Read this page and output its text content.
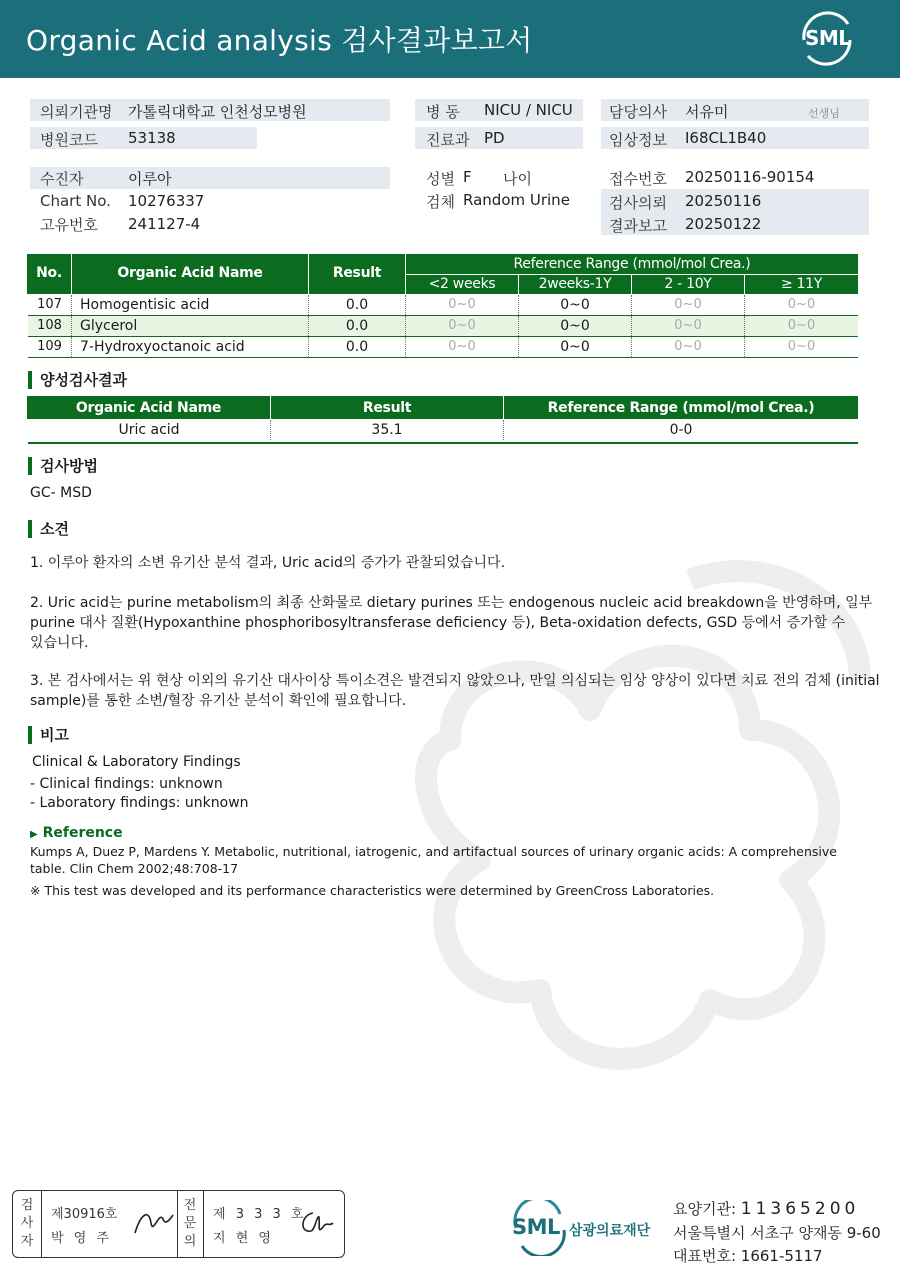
Organic Acid analysis 검사결과보고서	SML
의뢰기관명 가톨릭대학교 인천성모병원
병원코드 53138
병 동 NICU / NICU
진료과 PD
담당의사 서유미	선생님
임상정보 I68CL1B40
수진자	이루아
Chart No. 10276337
고유번호 241127-4
성별 F 나이
검체 Random Urine
접수번호 20250116-90154
검사의뢰 20250116
결과보고 20250122
No.	Organic Acid Name	Result
Reference Range (mmol/mol Crea.)
<2 weeks	2weeks-1Y	2 - 10Y	≥ 11Y
107	Homogentisic acid	0.0	0~0	0~0	0~0	0~0
108	Glycerol	0.0	0~0	0~0	0~0	0~0
109	7-Hydroxyoctanoic acid	0.0	0~0	0~0	0~0	0~0
양성검사결과
Organic Acid Name	Result	Reference Range (mmol/mol Crea.)
Uric acid	35.1	0-0
검사방법
GC- MSD
소견
1. 이루아 환자의 소변 유기산 분석 결과, Uric acid의 증가가 관찰되었습니다.
2. Uric acid는 purine metabolism의 최종 산화물로 dietary purines 또는 endogenous nucleic acid breakdown을 반영하며, 일부
purine 대사 질환(Hypoxanthine phosphoribosyltransferase deficiency 등), Beta-oxidation defects, GSD 등에서 증가할 수
있습니다.
3. 본 검사에서는 위 현상 이외의 유기산 대사이상 특이소견은 발견되지 않았으나, 만일 의심되는 임상 양상이 있다면 치료 전의 검체 (initial
sample)를 통한 소변/혈장 유기산 분석이 확인에 필요합니다.
비고
Clinical & Laboratory Findings
- Clinical findings: unknown
- Laboratory findings: unknown
▶ Reference
Kumps A, Duez P, Mardens Y. Metabolic, nutritional, iatrogenic, and artifactual sources of urinary organic acids: A comprehensive
table. Clin Chem 2002;48:708-17
※ This test was developed and its performance characteristics were determined by GreenCross Laboratories.
검사자
제30916호
박 영 주
전문의
제 3 3 3 호
지 현 영	SML 삼광의료재단
요양기관: 11365200
서울특별시 서초구 양재동 9-60
대표번호: 1661-5117
